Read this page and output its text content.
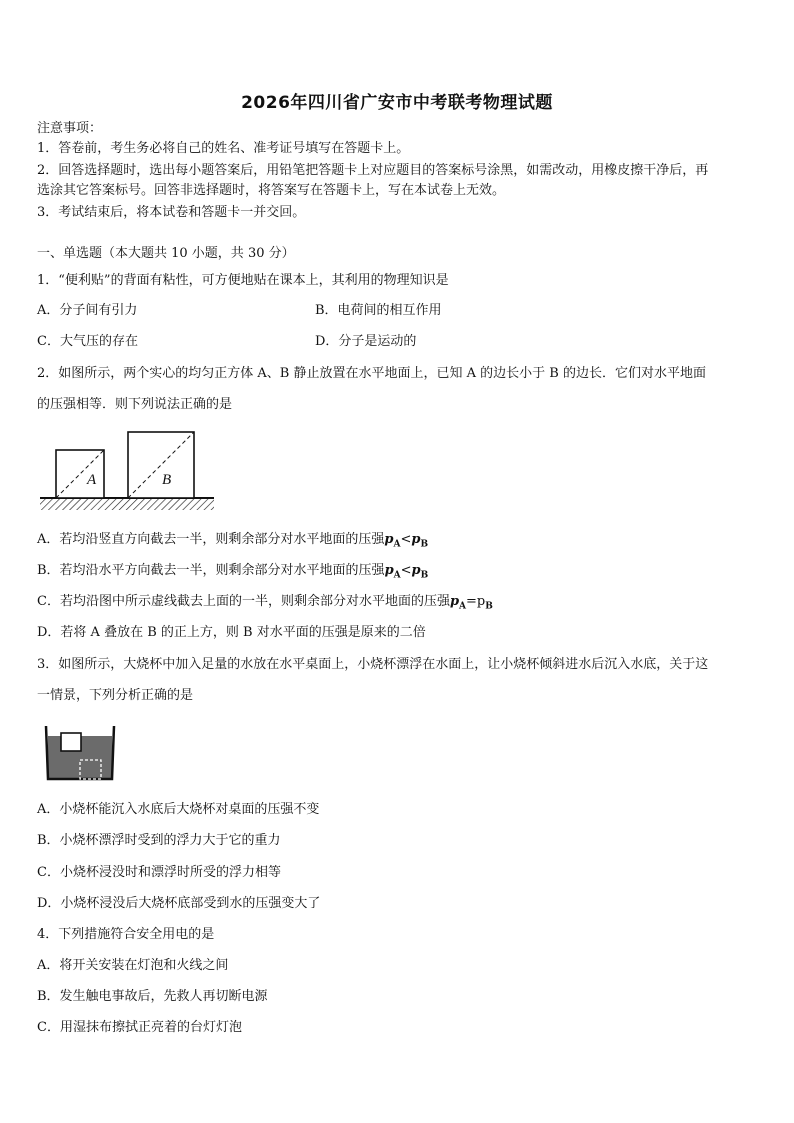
2026年四川省广安市中考联考物理试题
注意事项：
1．答卷前，考生务必将自己的姓名、准考证号填写在答题卡上。
2．回答选择题时，选出每小题答案后，用铅笔把答题卡上对应题目的答案标号涂黑，如需改动，用橡皮擦干净后，再
选涂其它答案标号。回答非选择题时，将答案写在答题卡上，写在本试卷上无效。
3．考试结束后，将本试卷和答题卡一并交回。
一、单选题（本大题共 10 小题，共 30 分）
1．“便利贴”的背面有粘性，可方便地贴在课本上，其利用的物理知识是
A．分子间有引力	B．电荷间的相互作用
C．大气压的存在	D．分子是运动的
2．如图所示，两个实心的均匀正方体 A、B 静止放置在水平地面上，已知 A 的边长小于 B 的边长．它们对水平地面
的压强相等．则下列说法正确的是
A	B
A．若均沿竖直方向截去一半，则剩余部分对水平地面的压强$p_A<p_B$
B．若均沿水平方向截去一半，则剩余部分对水平地面的压强$p_A<p_B$
C．若均沿图中所示虚线截去上面的一半，则剩余部分对水平地面的压强$p_A=p_B$
D．若将 A 叠放在 B 的正上方，则 B 对水平面的压强是原来的二倍
3．如图所示，大烧杯中加入足量的水放在水平桌面上，小烧杯漂浮在水面上，让小烧杯倾斜进水后沉入水底，关于这
一情景，下列分析正确的是
A．小烧杯能沉入水底后大烧杯对桌面的压强不变
B．小烧杯漂浮时受到的浮力大于它的重力
C．小烧杯浸没时和漂浮时所受的浮力相等
D．小烧杯浸没后大烧杯底部受到水的压强变大了
4．下列措施符合安全用电的是
A．将开关安装在灯泡和火线之间
B．发生触电事故后，先救人再切断电源
C．用湿抹布擦拭正亮着的台灯灯泡
